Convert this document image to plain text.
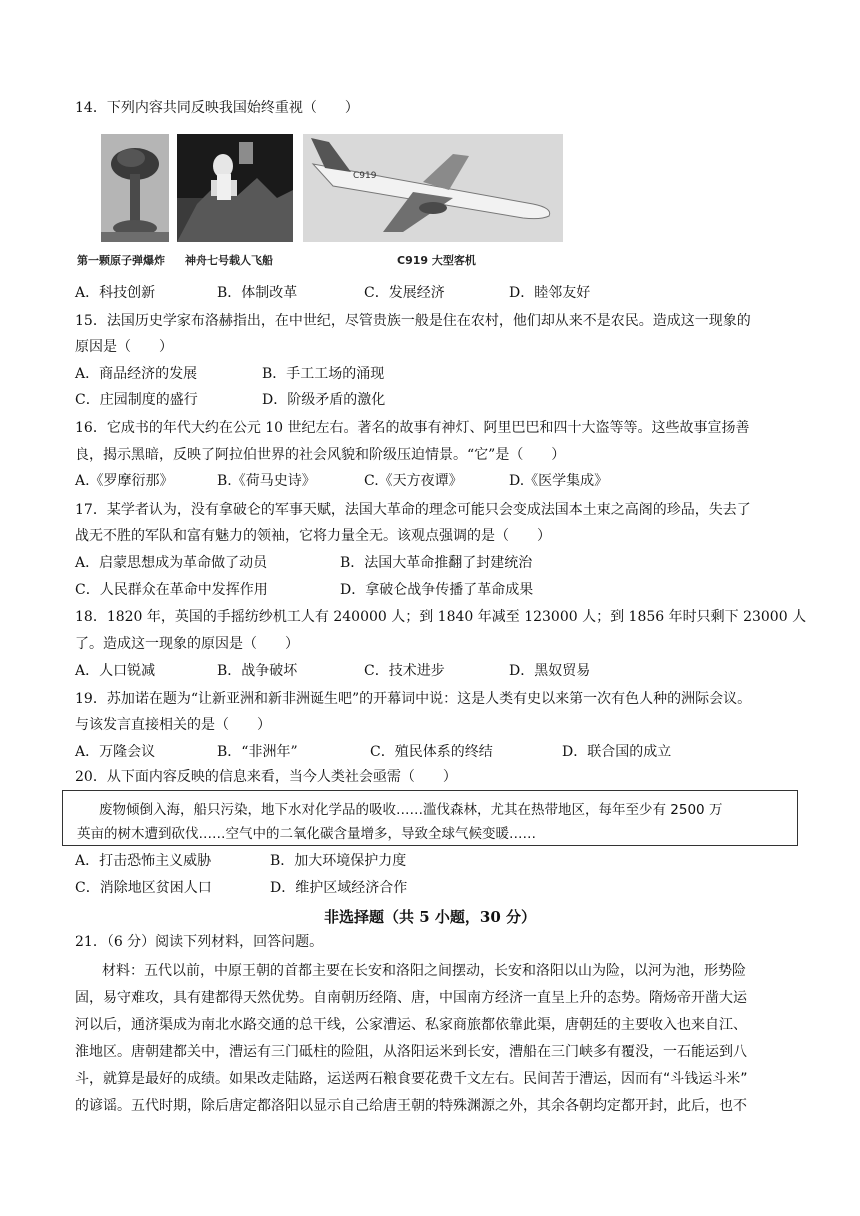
14．下列内容共同反映我国始终重视（　　）
C919
第一颗原子弹爆炸 神舟七号载人飞船	C919 大型客机
A．科技创新	B．体制改革	C．发展经济	D．睦邻友好
15．法国历史学家布洛赫指出，在中世纪，尽管贵族一般是住在农村，他们却从来不是农民。造成这一现象的
原因是（　　）
A．商品经济的发展	B．手工工场的涌现
C．庄园制度的盛行	D．阶级矛盾的激化
16．它成书的年代大约在公元 10 世纪左右。著名的故事有神灯、阿里巴巴和四十大盗等等。这些故事宣扬善
良，揭示黑暗，反映了阿拉伯世界的社会风貌和阶级压迫情景。“它”是（　　）
A.《罗摩衍那》	B.《荷马史诗》	C.《天方夜谭》	D.《医学集成》
17．某学者认为，没有拿破仑的军事天赋，法国大革命的理念可能只会变成法国本土束之高阁的珍品，失去了
战无不胜的军队和富有魅力的领袖，它将力量全无。该观点强调的是（　　）
A．启蒙思想成为革命做了动员	B．法国大革命推翻了封建统治
C．人民群众在革命中发挥作用	D．拿破仑战争传播了革命成果
18．1820 年，英国的手摇纺纱机工人有 240000 人；到 1840 年减至 123000 人；到 1856 年时只剩下 23000 人
了。造成这一现象的原因是（　　）
A．人口锐减	B．战争破坏	C．技术进步	D．黑奴贸易
19．苏加诺在题为“让新亚洲和新非洲诞生吧”的开幕词中说：这是人类有史以来第一次有色人种的洲际会议。
与该发言直接相关的是（　　）
A．万隆会议	B．“非洲年”	C．殖民体系的终结	D．联合国的成立
20．从下面内容反映的信息来看，当今人类社会亟需（　　）
废物倾倒入海，船只污染，地下水对化学品的吸收……滥伐森林，尤其在热带地区，每年至少有 2500 万
英亩的树木遭到砍伐……空气中的二氧化碳含量增多，导致全球气候变暖……
A．打击恐怖主义威胁	B．加大环境保护力度
C．消除地区贫困人口	D．维护区域经济合作
非选择题（共 5 小题，30 分）
21．（6 分）阅读下列材料，回答问题。
材料：五代以前，中原王朝的首都主要在长安和洛阳之间摆动，长安和洛阳以山为险，以河为池，形势险
固，易守难攻，具有建都得天然优势。自南朝历经隋、唐，中国南方经济一直呈上升的态势。隋炀帝开凿大运
河以后，通济渠成为南北水路交通的总干线，公家漕运、私家商旅都依靠此渠，唐朝廷的主要收入也来自江、
淮地区。唐朝建都关中，漕运有三门砥柱的险阻，从洛阳运米到长安，漕船在三门峡多有覆没，一石能运到八
斗，就算是最好的成绩。如果改走陆路，运送两石粮食要花费千文左右。民间苦于漕运，因而有“斗钱运斗米”
的谚谣。五代时期，除后唐定都洛阳以显示自己给唐王朝的特殊渊源之外，其余各朝均定都开封，此后，也不
